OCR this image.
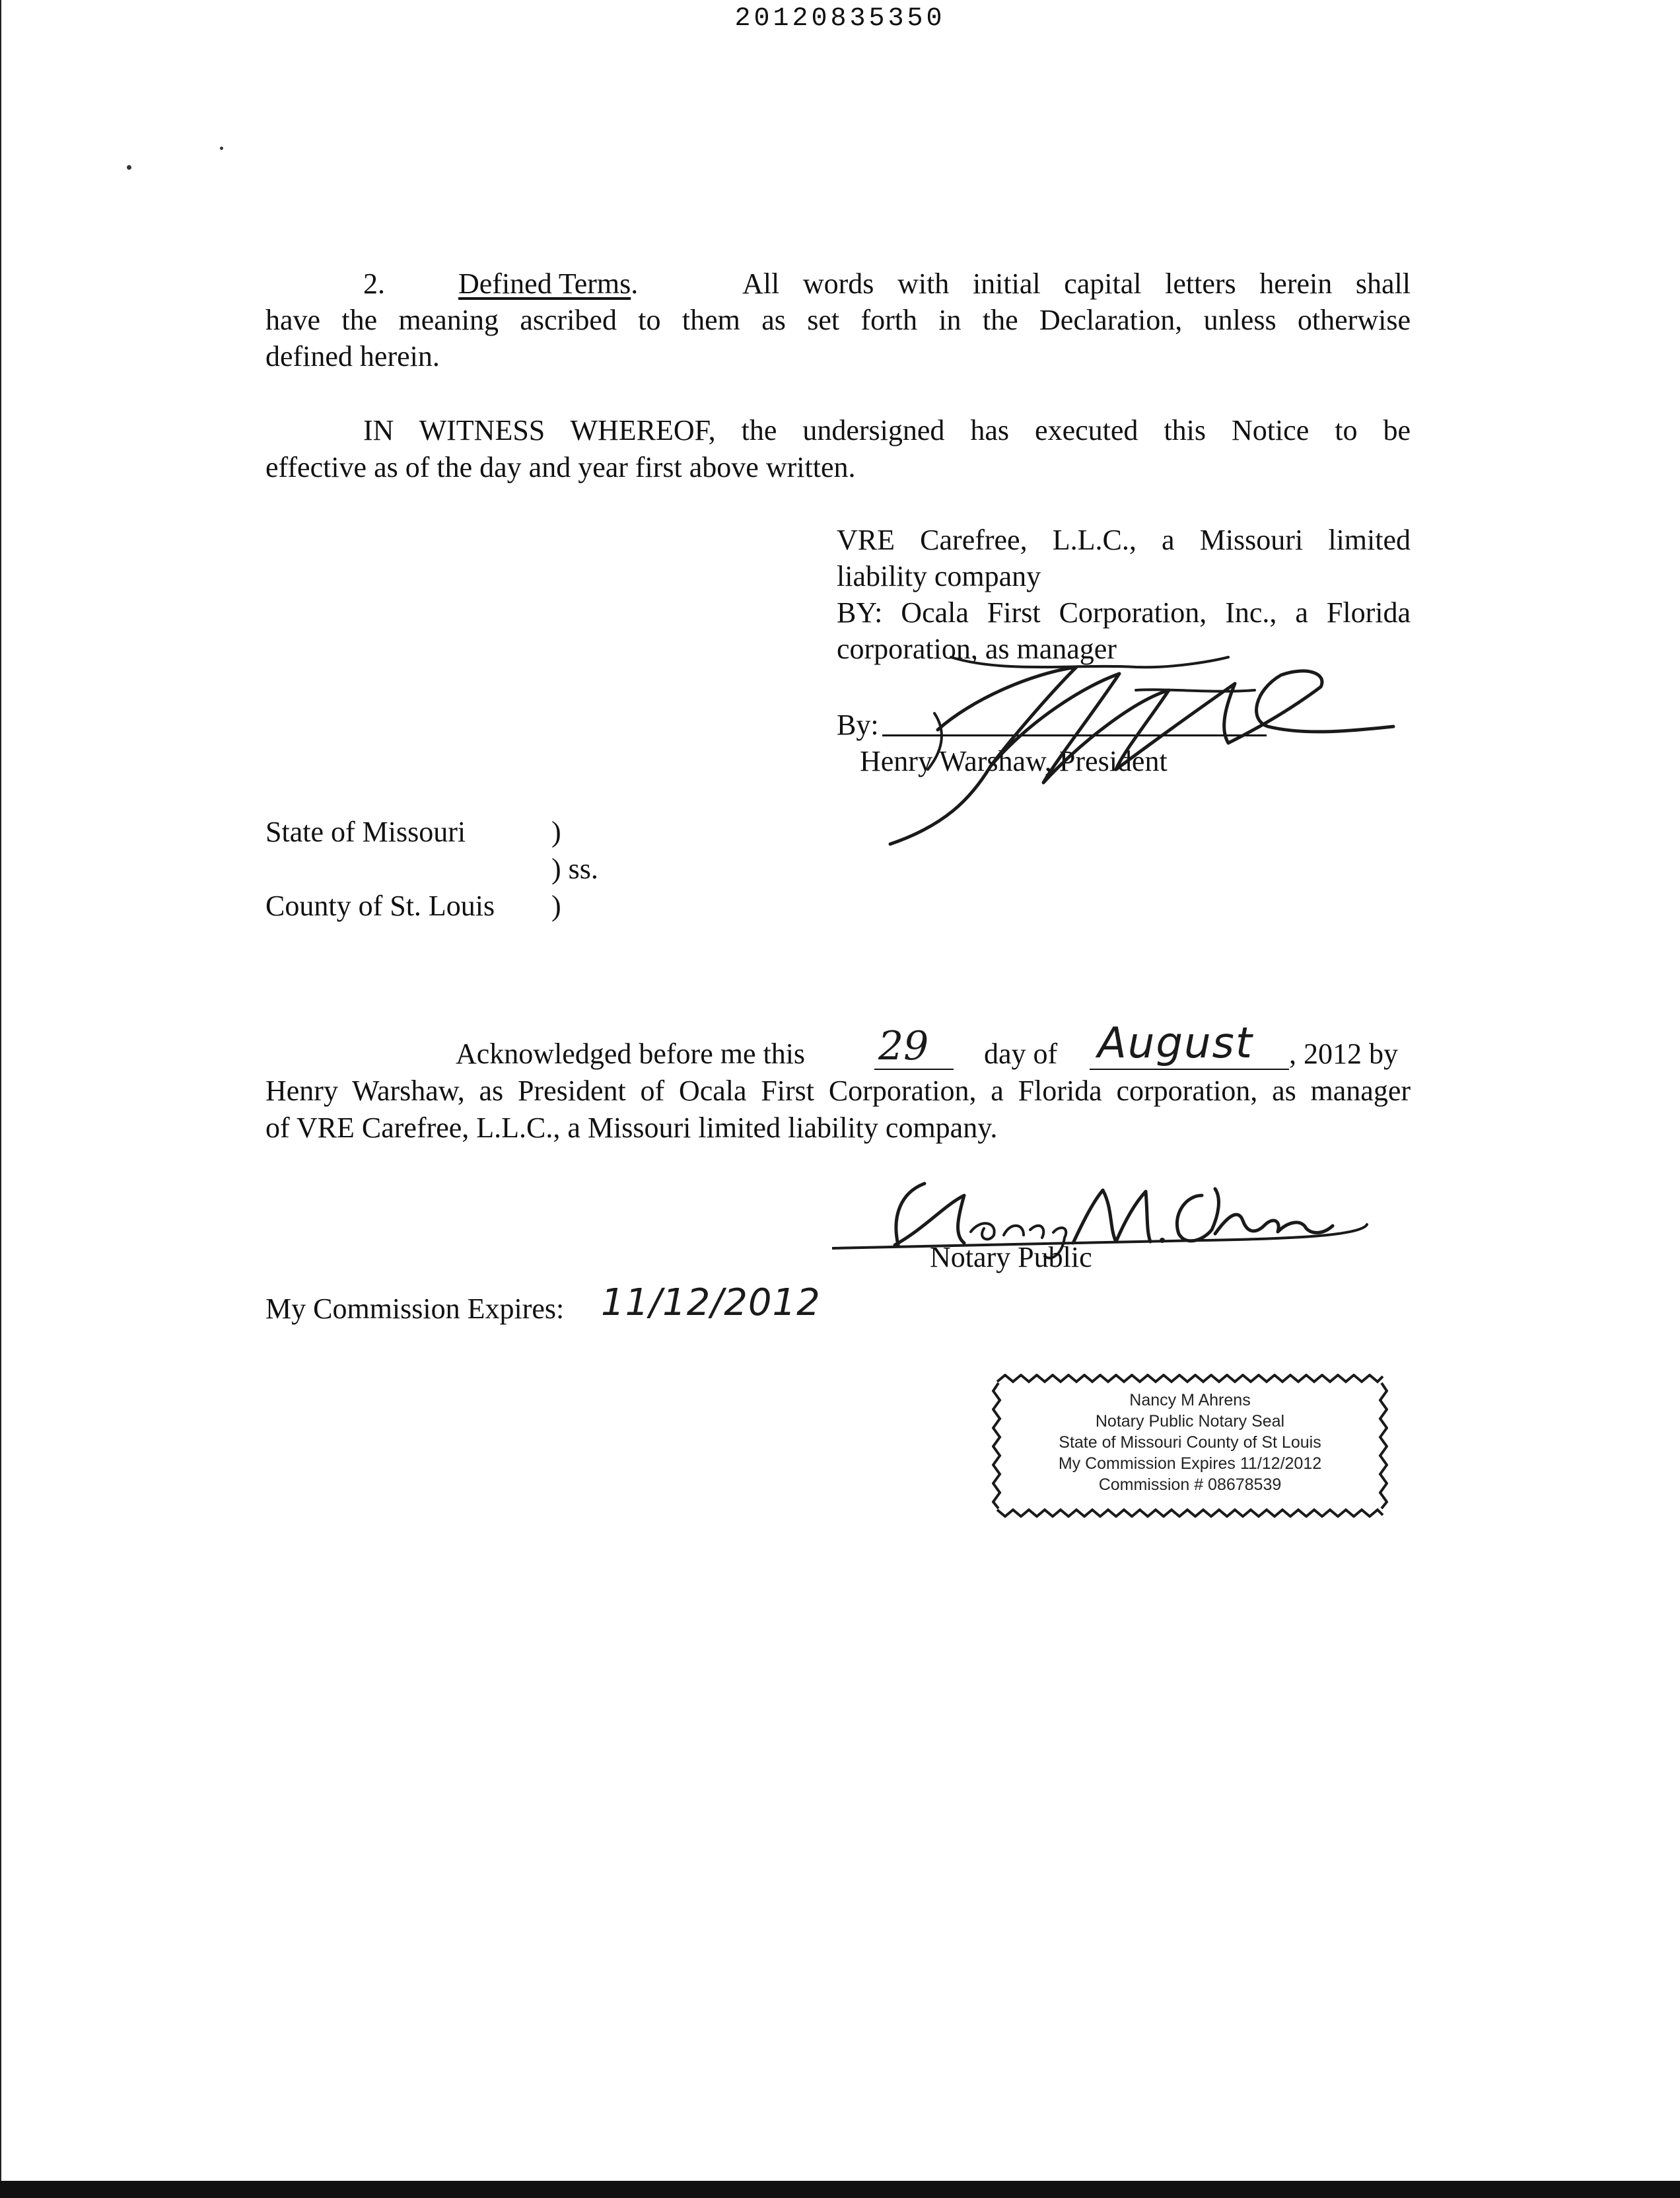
20120835350
2.	Defined Terms.	All words with initial capital letters herein shall
have the meaning ascribed to them as set forth in the Declaration, unless otherwise
defined herein.
IN WITNESS WHEREOF, the undersigned has executed this Notice to be
effective as of the day and year first above written.
VRE Carefree, L.L.C., a Missouri limited
liability company
BY: Ocala First Corporation, Inc., a Florida
corporation, as manager
By:
Henry Warshaw, President
State of Missouri	)
) ss.
County of St. Louis )
Acknowledged before me this 29 day of August , 2012 by
Henry Warshaw, as President of Ocala First Corporation, a Florida corporation, as manager
of VRE Carefree, L.L.C., a Missouri limited liability company.
Notary Public
My Commission Expires: 11/12/2012
Nancy M Ahrens
Notary Public Notary Seal
State of Missouri County of St Louis
My Commission Expires 11/12/2012
Commission # 08678539
